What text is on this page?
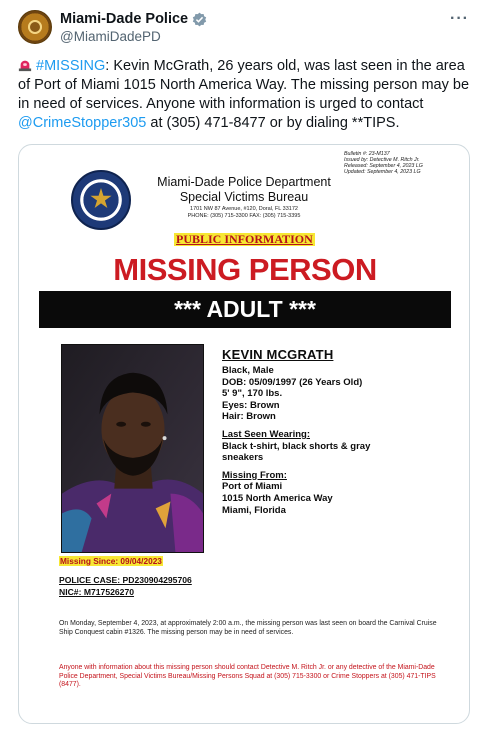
Miami-Dade Police
@MiamiDadePD
···
#MISSING: Kevin McGrath, 26 years old, was last seen in the area of Port of Miami 1015 North America Way. The missing person may be in need of services. Anyone with information is urged to contact @CrimeStopper305 at (305) 471-8477 or by dialing **TIPS.
Bulletin #: 23-M137
Issued by: Detective M. Ritch Jr.
Released: September 4, 2023 LG
Updated: September 4, 2023 LG
Miami-Dade Police Department
Special Victims Bureau
1701 NW 87 Avenue, #120, Doral, FL 33172
PHONE: (305) 715-3300 FAX: (305) 715-3395
PUBLIC INFORMATION
MISSING PERSON
*** ADULT ***
KEVIN MCGRATH
Black, Male
DOB: 05/09/1997 (26 Years Old)
5' 9", 170 lbs.
Eyes: Brown
Hair: Brown
Last Seen Wearing:
Black t-shirt, black shorts & gray
sneakers
Missing From:
Port of Miami
1015 North America Way
Miami, Florida
Missing Since: 09/04/2023
POLICE CASE: PD230904295706
NIC#: M717526270
On Monday, September 4, 2023, at approximately 2:00 a.m., the missing person was last seen on board the Carnival Cruise Ship Conquest cabin #1326. The missing person may be in need of services.
Anyone with information about this missing person should contact Detective M. Ritch Jr. or any detective of the Miami-Dade Police Department, Special Victims Bureau/Missing Persons Squad at (305) 715-3300 or Crime Stoppers at (305) 471-TIPS (8477).
